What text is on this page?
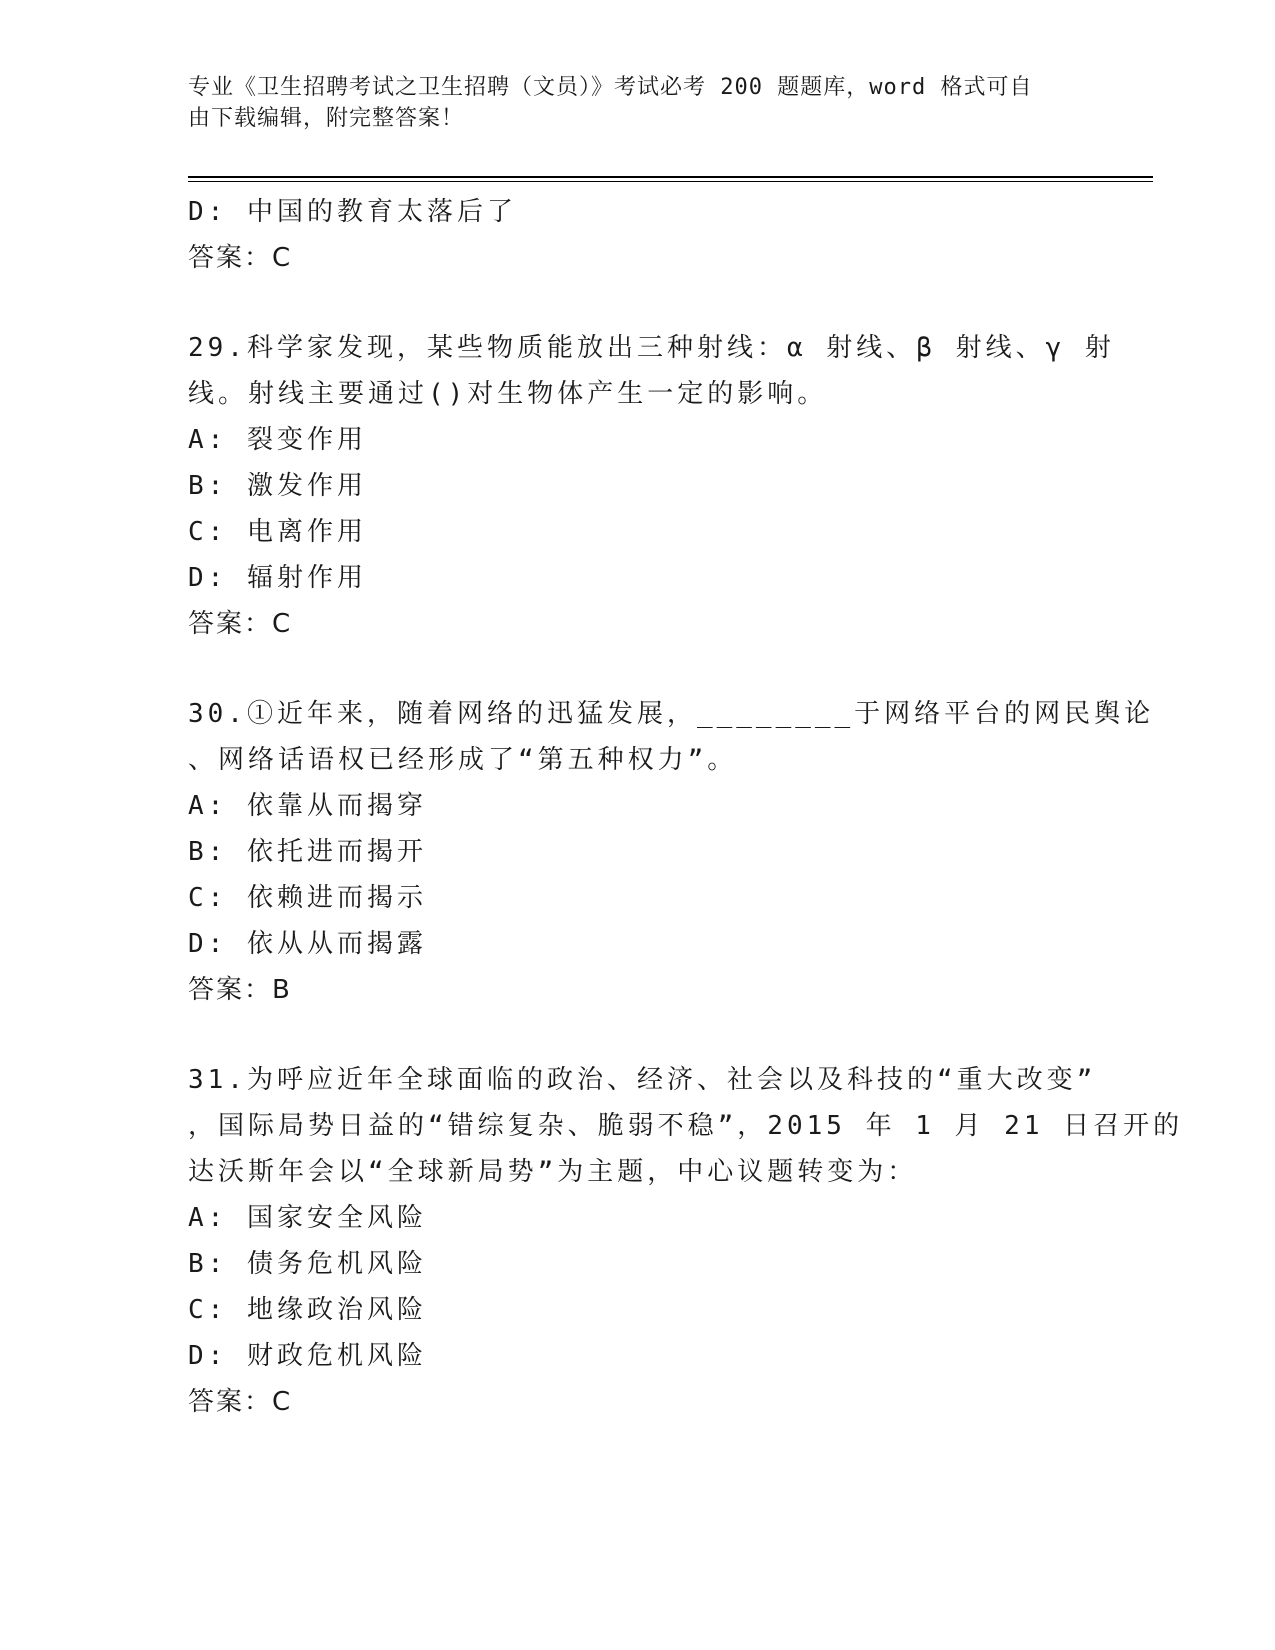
专业《卫生招聘考试之卫生招聘（文员）》考试必考 200 题题库，word 格式可自
由下载编辑，附完整答案！
D: 中国的教育太落后了
答案：C
29.科学家发现，某些物质能放出三种射线：α 射线、β 射线、γ 射
线。射线主要通过()对生物体产生一定的影响。
A: 裂变作用
B: 激发作用
C: 电离作用
D: 辐射作用
答案：C
30.①近年来，随着网络的迅猛发展，________于网络平台的网民舆论
、网络话语权已经形成了“第五种权力”。
A: 依靠从而揭穿
B: 依托进而揭开
C: 依赖进而揭示
D: 依从从而揭露
答案：B
31.为呼应近年全球面临的政治、经济、社会以及科技的“重大改变”
，国际局势日益的“错综复杂、脆弱不稳”，2015 年 1 月 21 日召开的
达沃斯年会以“全球新局势”为主题，中心议题转变为：
A: 国家安全风险
B: 债务危机风险
C: 地缘政治风险
D: 财政危机风险
答案：C
